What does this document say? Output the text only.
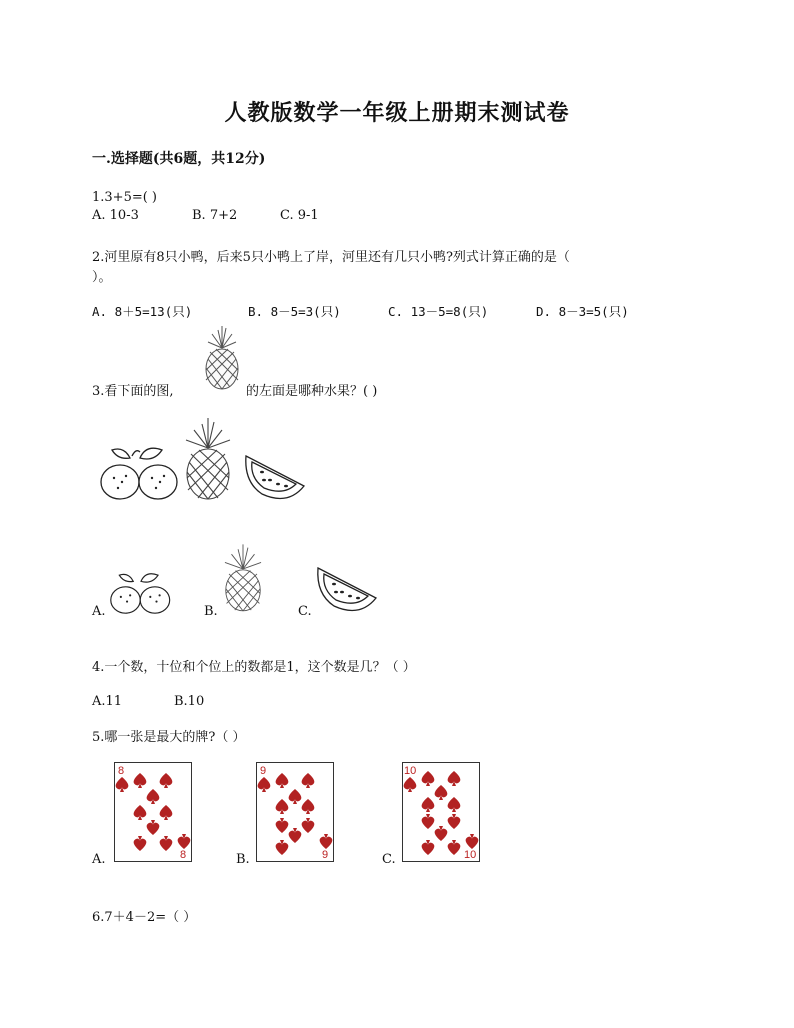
人教版数学一年级上册期末测试卷
一.选择题(共6题，共12分)
1.3+5=( )
A. 10-3	B. 7+2	C. 9-1
2.河里原有8只小鸭，后来5只小鸭上了岸，河里还有几只小鸭?列式计算正确的是（
）。
A. 8＋5=13(只)	B. 8－5=3(只)	C. 13－5=8(只)	D. 8－3=5(只)
3.看下面的图,	的左面是哪种水果？( )
A.	B.	C.
4.一个数，十位和个位上的数都是1，这个数是几？（ ）
A.11	B.10
5.哪一张是最大的牌?（ ）
A.
8
8	B.
9
9	C.
10
10
6.7＋4－2=（ ）
